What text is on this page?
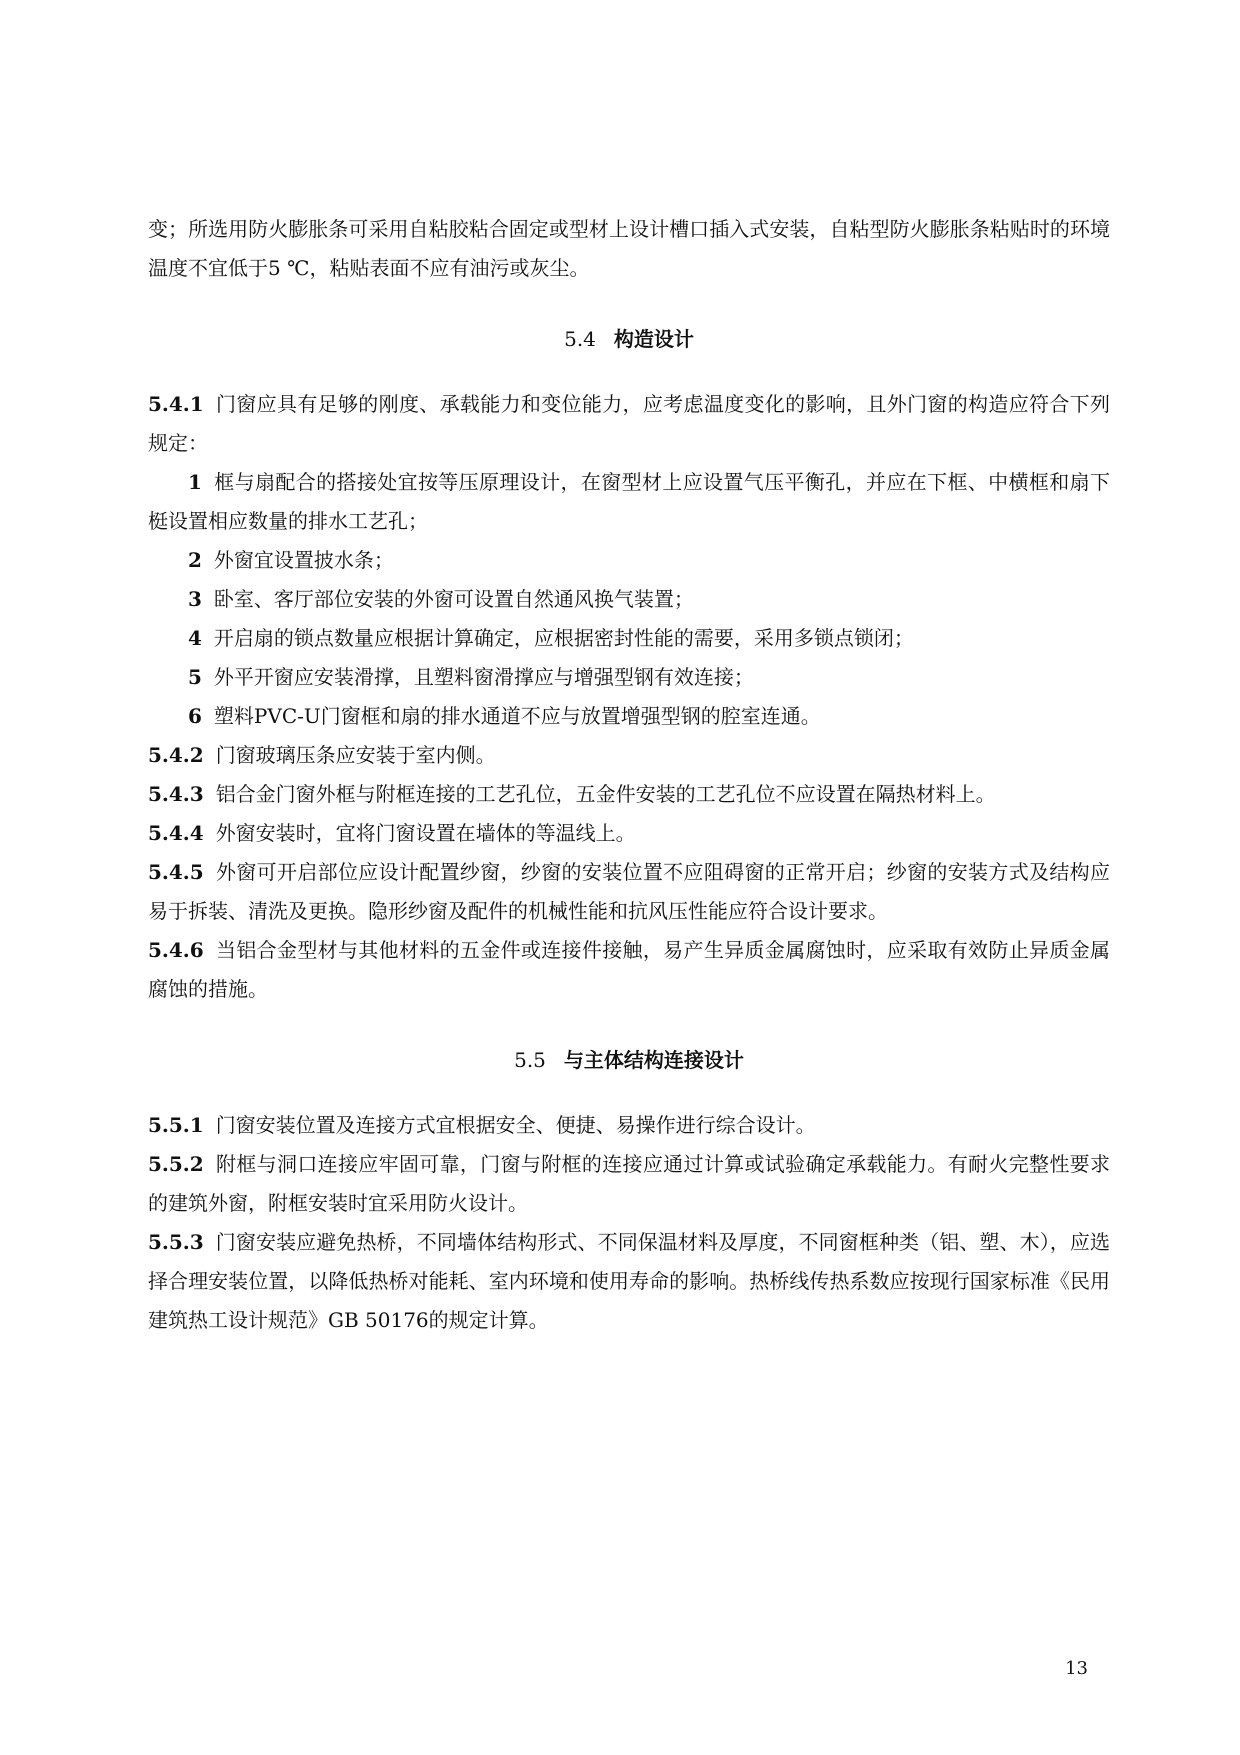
变；所选用防火膨胀条可采用自粘胶粘合固定或型材上设计槽口插入式安装，自粘型防火膨胀条粘贴时的环境温度不宜低于5 ℃，粘贴表面不应有油污或灰尘。

5.4 构造设计

5.4.1 门窗应具有足够的刚度、承载能力和变位能力，应考虑温度变化的影响，且外门窗的构造应符合下列规定：

1 框与扇配合的搭接处宜按等压原理设计，在窗型材上应设置气压平衡孔，并应在下框、中横框和扇下梃设置相应数量的排水工艺孔；

2 外窗宜设置披水条；

3 卧室、客厅部位安装的外窗可设置自然通风换气装置；

4 开启扇的锁点数量应根据计算确定，应根据密封性能的需要，采用多锁点锁闭；

5 外平开窗应安装滑撑，且塑料窗滑撑应与增强型钢有效连接；

6 塑料PVC-U门窗框和扇的排水通道不应与放置增强型钢的腔室连通。

5.4.2 门窗玻璃压条应安装于室内侧。

5.4.3 铝合金门窗外框与附框连接的工艺孔位，五金件安装的工艺孔位不应设置在隔热材料上。

5.4.4 外窗安装时，宜将门窗设置在墙体的等温线上。

5.4.5 外窗可开启部位应设计配置纱窗，纱窗的安装位置不应阻碍窗的正常开启；纱窗的安装方式及结构应易于拆装、清洗及更换。隐形纱窗及配件的机械性能和抗风压性能应符合设计要求。

5.4.6 当铝合金型材与其他材料的五金件或连接件接触，易产生异质金属腐蚀时，应采取有效防止异质金属腐蚀的措施。

5.5 与主体结构连接设计

5.5.1 门窗安装位置及连接方式宜根据安全、便捷、易操作进行综合设计。

5.5.2 附框与洞口连接应牢固可靠，门窗与附框的连接应通过计算或试验确定承载能力。有耐火完整性要求的建筑外窗，附框安装时宜采用防火设计。

5.5.3 门窗安装应避免热桥，不同墙体结构形式、不同保温材料及厚度，不同窗框种类（铝、塑、木），应选择合理安装位置，以降低热桥对能耗、室内环境和使用寿命的影响。热桥线传热系数应按现行国家标准《民用建筑热工设计规范》GB 50176的规定计算。

13
